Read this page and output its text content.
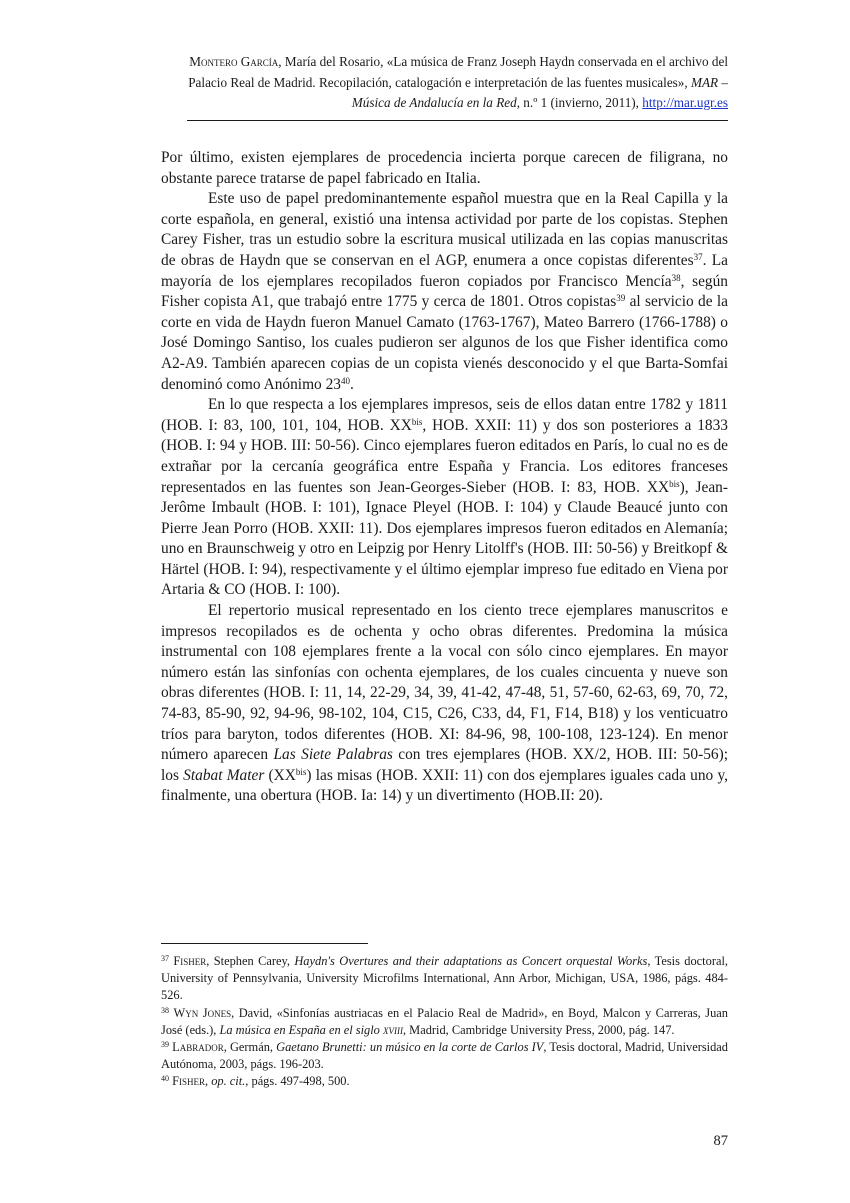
Montero García, María del Rosario, «La música de Franz Joseph Haydn conservada en el archivo del Palacio Real de Madrid. Recopilación, catalogación e interpretación de las fuentes musicales», MAR – Música de Andalucía en la Red, n.º 1 (invierno, 2011), http://mar.ugr.es

Por último, existen ejemplares de procedencia incierta porque carecen de filigrana, no obstante parece tratarse de papel fabricado en Italia.

Este uso de papel predominantemente español muestra que en la Real Capilla y la corte española, en general, existió una intensa actividad por parte de los copistas. Stephen Carey Fisher, tras un estudio sobre la escritura musical utilizada en las copias manuscritas de obras de Haydn que se conservan en el AGP, enumera a once copistas diferentes$^{37}$. La mayoría de los ejemplares recopilados fueron copiados por Francisco Mencía$^{38}$, según Fisher copista A1, que trabajó entre 1775 y cerca de 1801. Otros copistas$^{39}$ al servicio de la corte en vida de Haydn fueron Manuel Camato (1763-1767), Mateo Barrero (1766-1788) o José Domingo Santiso, los cuales pudieron ser algunos de los que Fisher identifica como A2-A9. También aparecen copias de un copista vienés desconocido y el que Barta-Somfai denominó como Anónimo $23^{40}$.

En lo que respecta a los ejemplares impresos, seis de ellos datan entre 1782 y 1811 (HOB. I: 83, 100, 101, 104, HOB. $XX^{bis}$, HOB. XXII: 11) y dos son posteriores a 1833 (HOB. I: 94 y HOB. III: 50-56). Cinco ejemplares fueron editados en París, lo cual no es de extrañar por la cercanía geográfica entre España y Francia. Los editores franceses representados en las fuentes son Jean-Georges-Sieber (HOB. I: 83, HOB. $XX^{bis}$), Jean-Jerôme Imbault (HOB. I: 101), Ignace Pleyel (HOB. I: 104) y Claude Beaucé junto con Pierre Jean Porro (HOB. XXII: 11). Dos ejemplares impresos fueron editados en Alemanía; uno en Braunschweig y otro en Leipzig por Henry Litolff's (HOB. III: 50-56) y Breitkopf & Härtel (HOB. I: 94), respectivamente y el último ejemplar impreso fue editado en Viena por Artaria & CO (HOB. I: 100).

El repertorio musical representado en los ciento trece ejemplares manuscritos e impresos recopilados es de ochenta y ocho obras diferentes. Predomina la música instrumental con 108 ejemplares frente a la vocal con sólo cinco ejemplares. En mayor número están las sinfonías con ochenta ejemplares, de los cuales cincuenta y nueve son obras diferentes (HOB. I: 11, 14, 22-29, 34, 39, 41-42, 47-48, 51, 57-60, 62-63, 69, 70, 72, 74-83, 85-90, 92, 94-96, 98-102, 104, C15, C26, C33, d4, F1, F14, B18) y los venticuatro tríos para baryton, todos diferentes (HOB. XI: 84-96, 98, 100-108, 123-124). En menor número aparecen Las Siete Palabras con tres ejemplares (HOB. XX/2, HOB. III: 50-56); los Stabat Mater $(XX^{bis})$ las misas (HOB. XXII: 11) con dos ejemplares iguales cada uno y, finalmente, una obertura (HOB. Ia: 14) y un divertimento (HOB.II: 20).

$^{37}$ Fisher, Stephen Carey, Haydn's Overtures and their adaptations as Concert orquestal Works, Tesis doctoral, University of Pennsylvania, University Microfilms International, Ann Arbor, Michigan, USA, 1986, págs. 484-526.

$^{38}$ Wyn Jones, David, «Sinfonías austriacas en el Palacio Real de Madrid», en Boyd, Malcon y Carreras, Juan José (eds.), La música en España en el siglo xviii, Madrid, Cambridge University Press, 2000, pág. 147.

$^{39}$ Labrador, Germán, Gaetano Brunetti: un músico en la corte de Carlos IV, Tesis doctoral, Madrid, Universidad Autónoma, 2003, págs. 196-203.

$^{40}$ Fisher, op. cit., págs. 497-498, 500.

87
